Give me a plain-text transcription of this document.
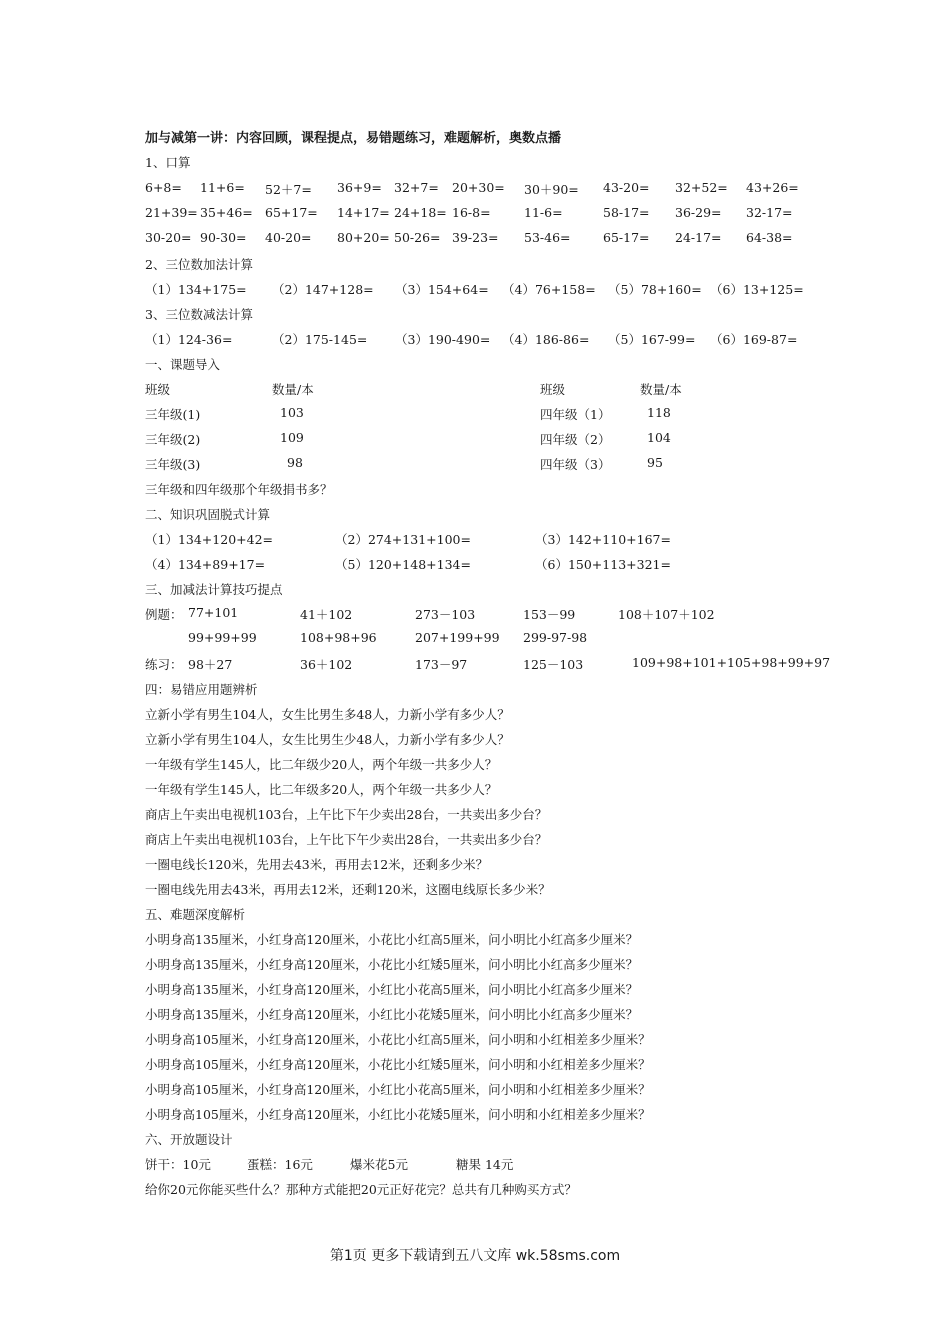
加与减第一讲：内容回顾，课程提点，易错题练习，难题解析，奥数点播
第1页 更多下载请到五八文库 wk.58sms.com
1、口算
6+8= 11+6= 52＋7= 36+9= 32+7= 20+30= 30＋90= 43-20= 32+52= 43+26=
21+39= 35+46= 65+17= 14+17= 24+18= 16-8=	11-6=	58-17= 36-29= 32-17=
30-20= 90-30= 40-20= 80+20= 50-26= 39-23= 53-46=	65-17= 24-17= 64-38=
2、三位数加法计算
（1）134+175= （2）147+128= （3）154+64= （4）76+158= （5）78+160= （6）13+125=
3、三位数减法计算
（1）124-36=	（2）175-145= （3）190-490= （4）186-86= （5）167-99= （6）169-87=
一、课题导入
班级	数量/本	班级	数量/本
三年级(1)	103	四年级（1）	118
三年级(2)	109	四年级（2）	104
三年级(3)	98	四年级（3）	95
三年级和四年级那个年级捐书多？
二、知识巩固脱式计算
（1）134+120+42=	（2）274+131+100=	（3）142+110+167=
（4）134+89+17=	（5）120+148+134=	（6）150+113+321=
三、加减法计算技巧提点
例题： 77+101	41＋102	273－103	153－99	108＋107＋102
99+99+99	108+98+96	207+199+99 299-97-98
练习： 98＋27	36＋102	173－97	125－103	109+98+101+105+98+99+97
四：易错应用题辨析
立新小学有男生104人，女生比男生多48人，力新小学有多少人？
立新小学有男生104人，女生比男生少48人，力新小学有多少人？
一年级有学生145人，比二年级少20人，两个年级一共多少人？
一年级有学生145人，比二年级多20人，两个年级一共多少人？
商店上午卖出电视机103台，上午比下午少卖出28台，一共卖出多少台？
商店上午卖出电视机103台，上午比下午少卖出28台，一共卖出多少台？
一圈电线长120米，先用去43米，再用去12米，还剩多少米？
一圈电线先用去43米，再用去12米，还剩120米，这圈电线原长多少米？
五、难题深度解析
小明身高135厘米，小红身高120厘米，小花比小红高5厘米，问小明比小红高多少厘米？
小明身高135厘米，小红身高120厘米，小花比小红矮5厘米，问小明比小红高多少厘米？
小明身高135厘米，小红身高120厘米，小红比小花高5厘米，问小明比小红高多少厘米？
小明身高135厘米，小红身高120厘米，小红比小花矮5厘米，问小明比小红高多少厘米？
小明身高105厘米，小红身高120厘米，小花比小红高5厘米，问小明和小红相差多少厘米？
小明身高105厘米，小红身高120厘米，小花比小红矮5厘米，问小明和小红相差多少厘米？
小明身高105厘米，小红身高120厘米，小红比小花高5厘米，问小明和小红相差多少厘米？
小明身高105厘米，小红身高120厘米，小红比小花矮5厘米，问小明和小红相差多少厘米？
六、开放题设计
饼干：10元	蛋糕：16元	爆米花5元	糖果 14元
给你20元你能买些什么？那种方式能把20元正好花完？总共有几种购买方式？
